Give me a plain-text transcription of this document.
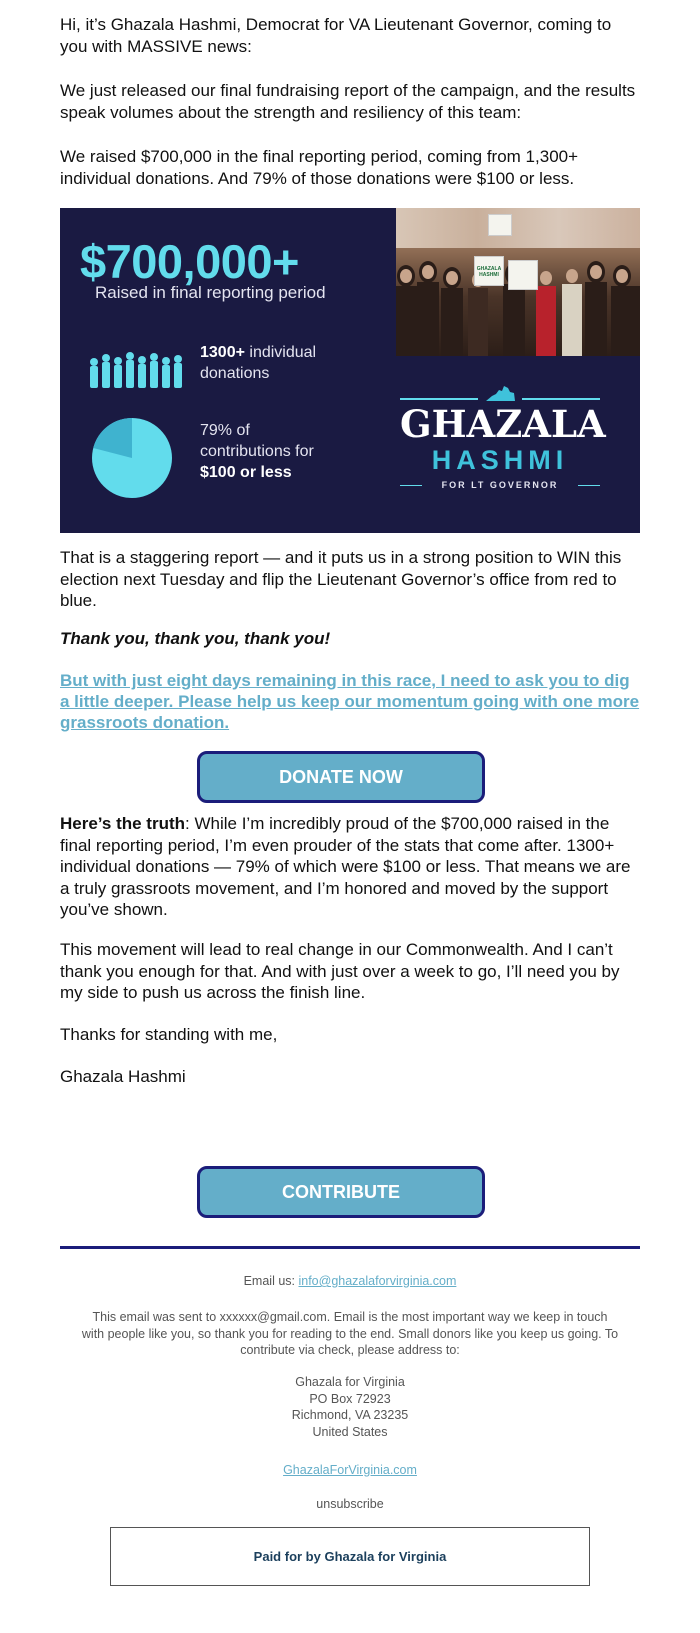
Hi, it’s Ghazala Hashmi, Democrat for VA Lieutenant Governor, coming to you with MASSIVE news:
We just released our final fundraising report of the campaign, and the results speak volumes about the strength and resiliency of this team:
We raised $700,000 in the final reporting period, coming from 1,300+ individual donations. And 79% of those donations were $100 or less.
$700,000+
Raised in final reporting period
GHAZALA HASHMI
1300+ individual
donations
79% of
contributions for
$100 or less
GHAZALA
HASHMI
FOR LT GOVERNOR
That is a staggering report — and it puts us in a strong position to WIN this election next Tuesday and flip the Lieutenant Governor’s office from red to blue.
Thank you, thank you, thank you!
But with just eight days remaining in this race, I need to ask you to dig a little deeper. Please help us keep our momentum going with one more grassroots donation.
DONATE NOW
Here’s the truth: While I’m incredibly proud of the $700,000 raised in the final reporting period, I’m even prouder of the stats that come after. 1300+ individual donations — 79% of which were $100 or less. That means we are a truly grassroots movement, and I’m honored and moved by the support you’ve shown.
This movement will lead to real change in our Commonwealth. And I can’t thank you enough for that. And with just over a week to go, I’ll need you by my side to push us across the finish line.
Thanks for standing with me,
Ghazala Hashmi
CONTRIBUTE
Email us: info@ghazalaforvirginia.com
This email was sent to xxxxxx@gmail.com. Email is the most important way we keep in touch with people like you, so thank you for reading to the end. Small donors like you keep us going. To contribute via check, please address to:
Ghazala for Virginia
PO Box 72923
Richmond, VA 23235
United States
GhazalaForVirginia.com
unsubscribe
Paid for by Ghazala for Virginia
